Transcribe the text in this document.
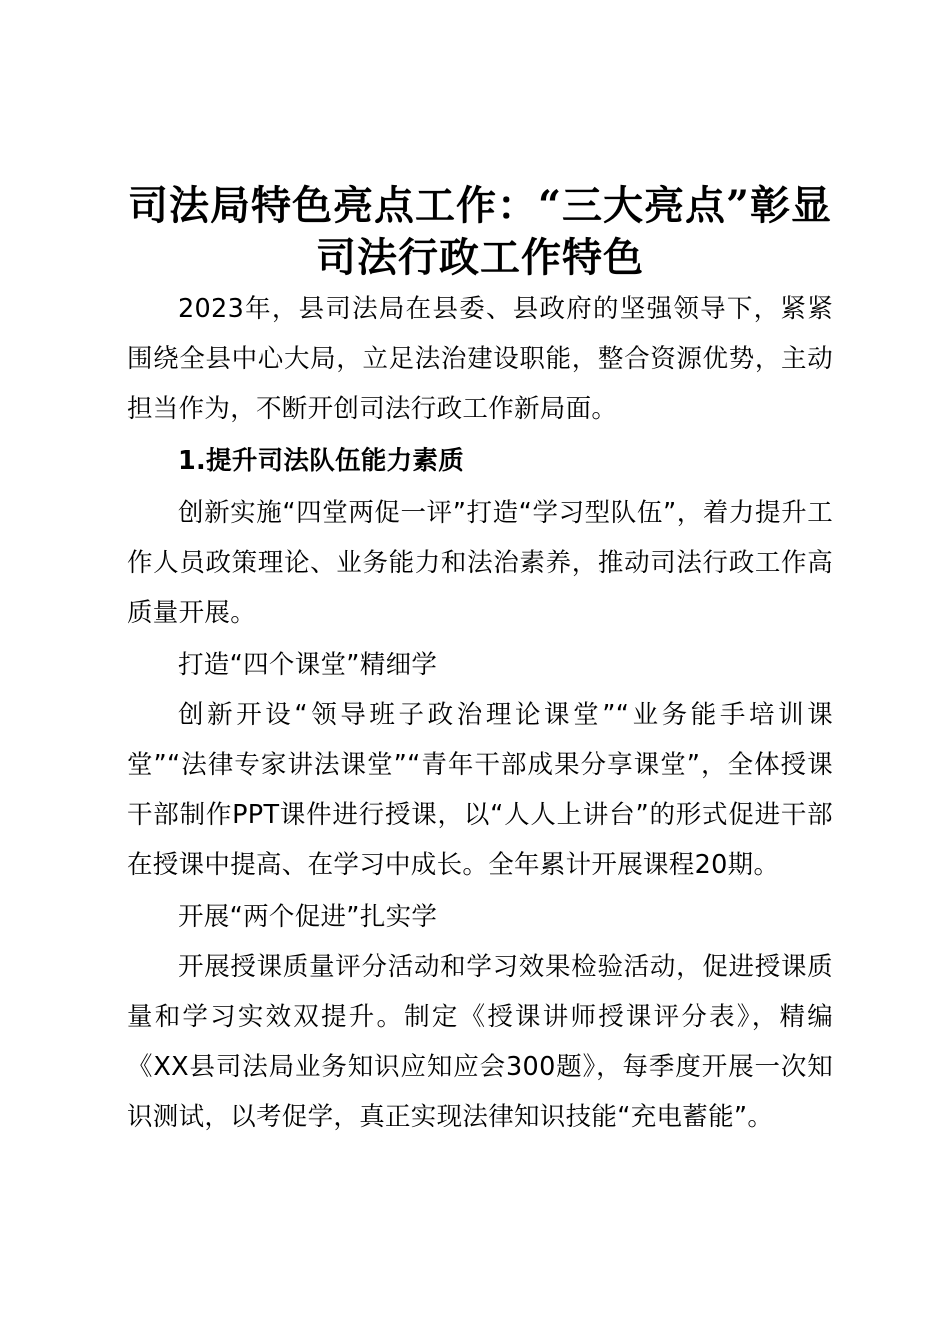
司法局特色亮点工作：“三大亮点”彰显司法行政工作特色

2023年，县司法局在县委、县政府的坚强领导下，紧紧围绕全县中心大局，立足法治建设职能，整合资源优势，主动担当作为，不断开创司法行政工作新局面。

1.提升司法队伍能力素质

创新实施“四堂两促一评”打造“学习型队伍”，着力提升工作人员政策理论、业务能力和法治素养，推动司法行政工作高质量开展。

打造“四个课堂”精细学

创新开设“领导班子政治理论课堂”“业务能手培训课堂”“法律专家讲法课堂”“青年干部成果分享课堂”，全体授课干部制作PPT课件进行授课，以“人人上讲台”的形式促进干部在授课中提高、在学习中成长。全年累计开展课程20期。

开展“两个促进”扎实学

开展授课质量评分活动和学习效果检验活动，促进授课质量和学习实效双提升。制定《授课讲师授课评分表》，精编《XX县司法局业务知识应知应会300题》，每季度开展一次知识测试，以考促学，真正实现法律知识技能“充电蓄能”。
